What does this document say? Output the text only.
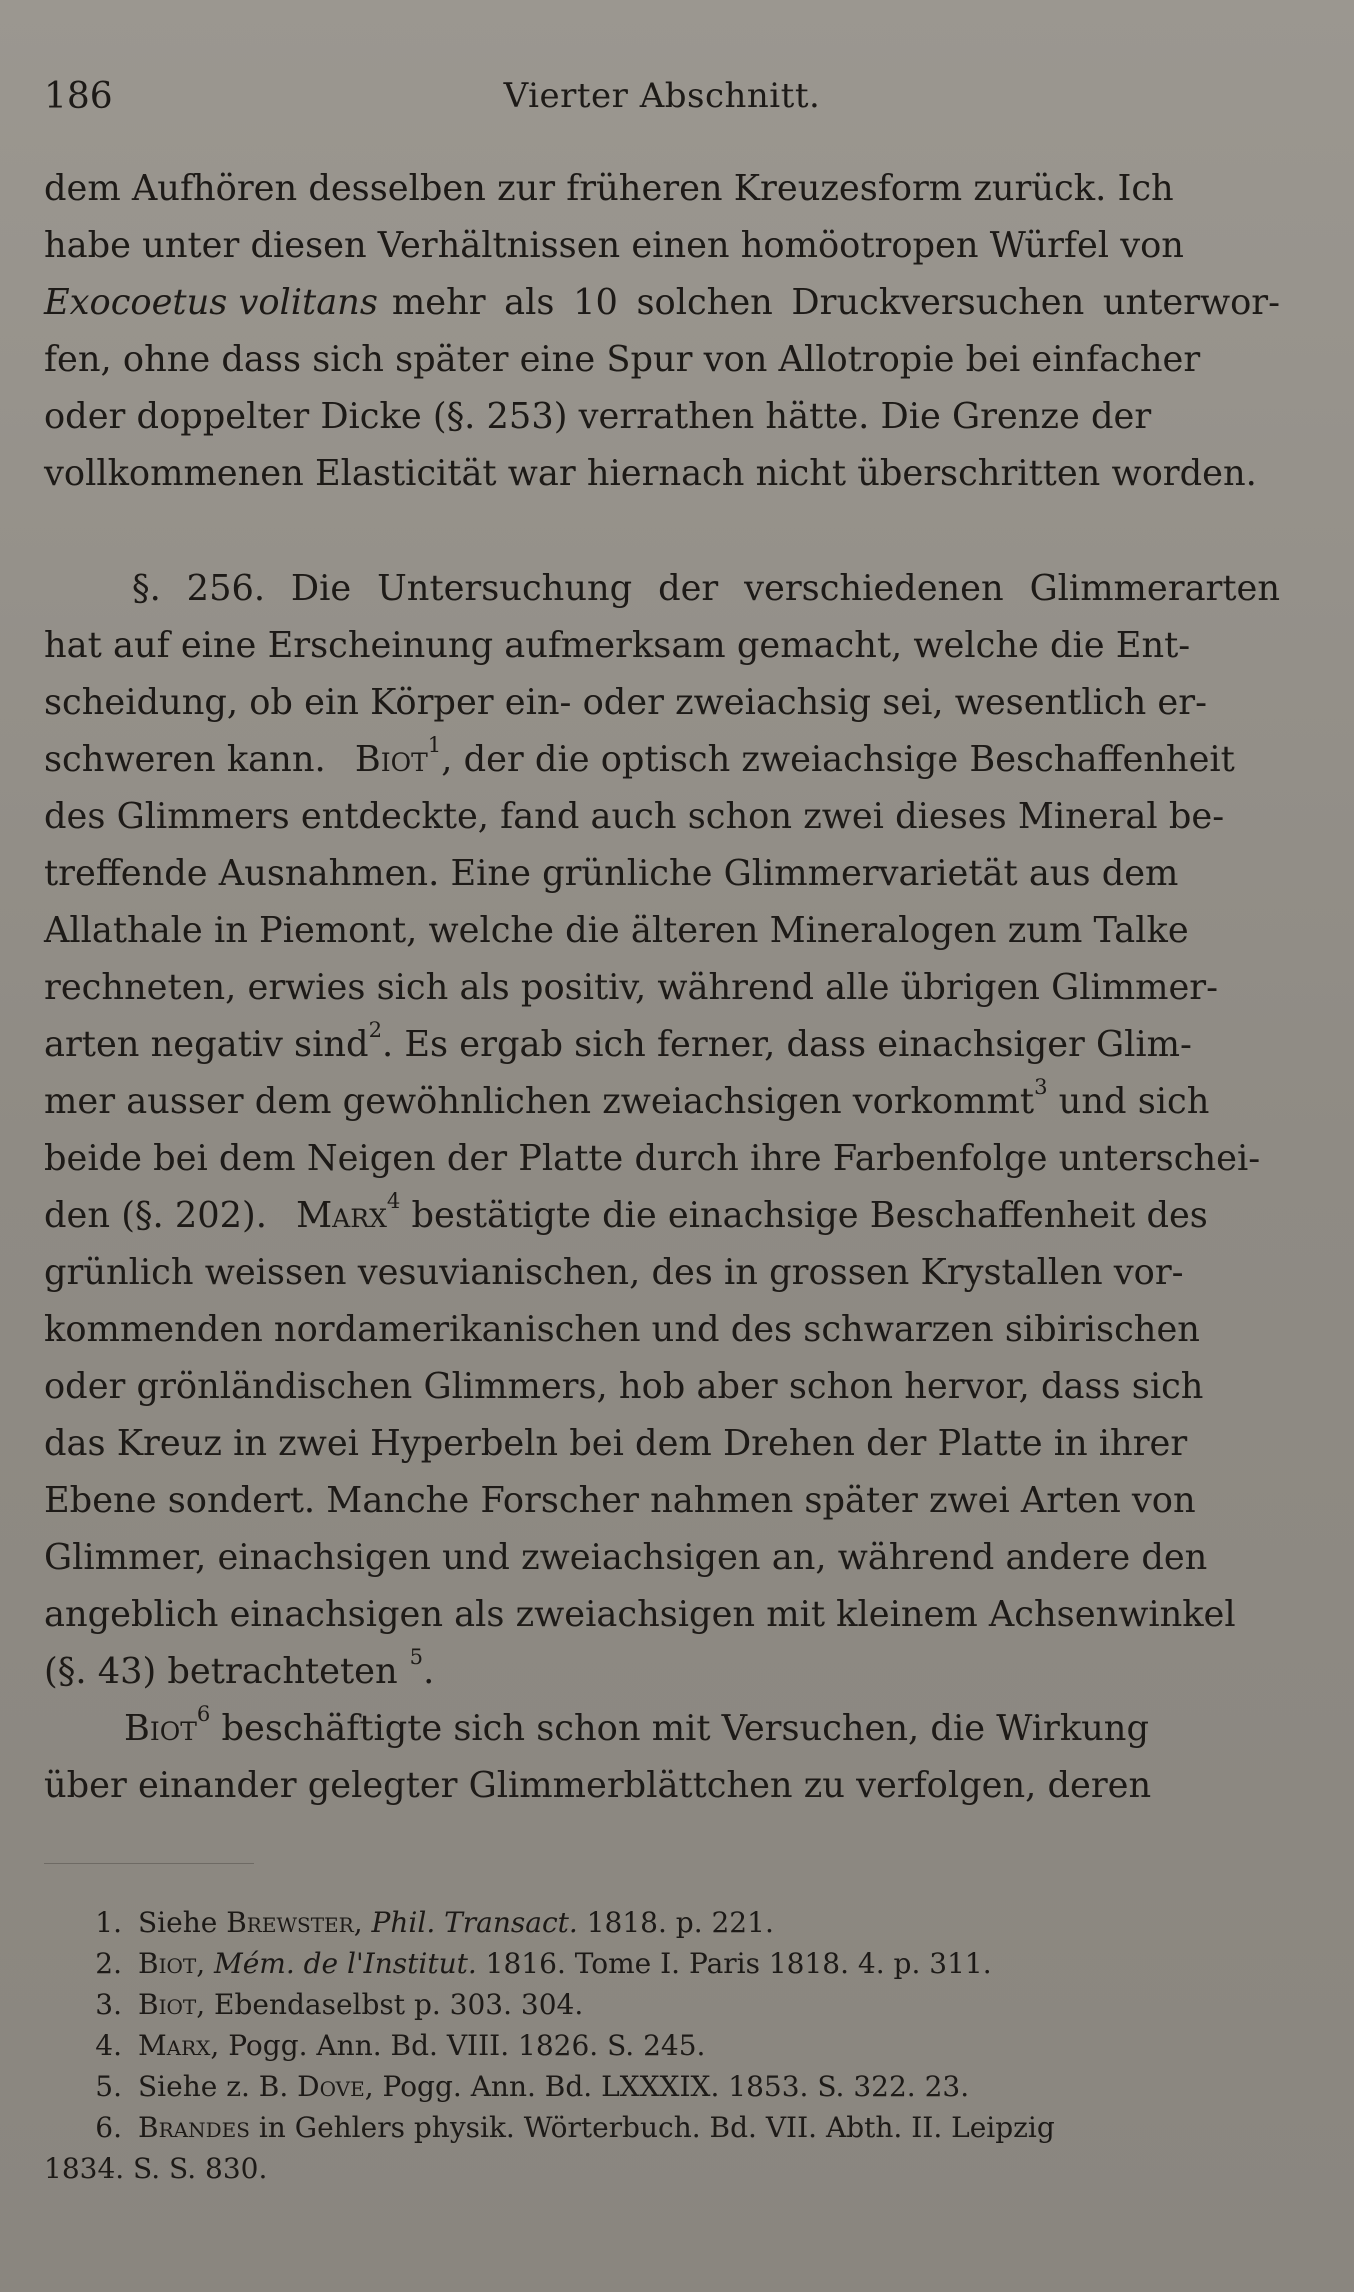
186	Vierter Abschnitt.
dem Aufhören desselben zur früheren Kreuzesform zurück. Ich
habe unter diesen Verhältnissen einen homöotropen Würfel von
Exocoetus volitans mehr als 10 solchen Druckversuchen unterwor-
fen, ohne dass sich später eine Spur von Allotropie bei einfacher
oder doppelter Dicke (§. 253) verrathen hätte. Die Grenze der
vollkommenen Elasticität war hiernach nicht überschritten worden.
§. 256. Die Untersuchung der verschiedenen Glimmerarten
hat auf eine Erscheinung aufmerksam gemacht, welche die Ent-
scheidung, ob ein Körper ein- oder zweiachsig sei, wesentlich er-
schweren kann. Biot$^1$, der die optisch zweiachsige Beschaffenheit
des Glimmers entdeckte, fand auch schon zwei dieses Mineral be-
treffende Ausnahmen. Eine grünliche Glimmervarietät aus dem
Allathale in Piemont, welche die älteren Mineralogen zum Talke
rechneten, erwies sich als positiv, während alle übrigen Glimmer-
arten negativ sind$^2$. Es ergab sich ferner, dass einachsiger Glim-
mer ausser dem gewöhnlichen zweiachsigen vorkommt$^3$ und sich
beide bei dem Neigen der Platte durch ihre Farbenfolge unterschei-
den (§. 202). Marx$^4$ bestätigte die einachsige Beschaffenheit des
grünlich weissen vesuvianischen, des in grossen Krystallen vor-
kommenden nordamerikanischen und des schwarzen sibirischen
oder grönländischen Glimmers, hob aber schon hervor, dass sich
das Kreuz in zwei Hyperbeln bei dem Drehen der Platte in ihrer
Ebene sondert. Manche Forscher nahmen später zwei Arten von
Glimmer, einachsigen und zweiachsigen an, während andere den
angeblich einachsigen als zweiachsigen mit kleinem Achsenwinkel
(§. 43) betrachteten $^5$.
Biot$^6$ beschäftigte sich schon mit Versuchen, die Wirkung
über einander gelegter Glimmerblättchen zu verfolgen, deren
1. Siehe Brewster, Phil. Transact. 1818. p. 221.
2. Biot, Mém. de l'Institut. 1816. Tome I. Paris 1818. 4. p. 311.
3. Biot, Ebendaselbst p. 303. 304.
4. Marx, Pogg. Ann. Bd. VIII. 1826. S. 245.
5. Siehe z. B. Dove, Pogg. Ann. Bd. LXXXIX. 1853. S. 322. 23.
6. Brandes in Gehlers physik. Wörterbuch. Bd. VII. Abth. II. Leipzig
1834. S. S. 830.
